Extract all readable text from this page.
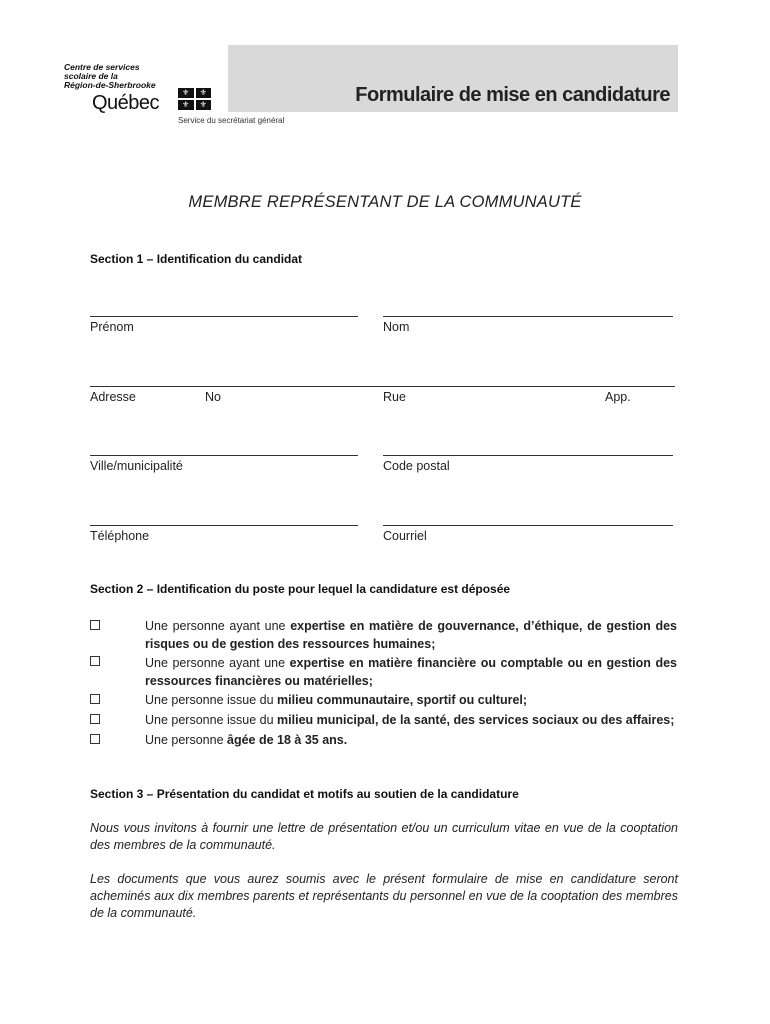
Formulaire de mise en candidature
Centre de services
scolaire de la
Région-de-Sherbrooke
Québec	⚜	⚜
⚜	⚜
Service du secrétariat général
MEMBRE REPRÉSENTANT DE LA COMMUNAUTÉ
Section 1 – Identification du candidat
Prénom	Nom
Adresse	No	Rue	App.
Ville/municipalité	Code postal
Téléphone	Courriel
Section 2 – Identification du poste pour lequel la candidature est déposée
Une personne ayant une expertise en matière de gouvernance, d’éthique, de gestion des risques ou de gestion des ressources humaines;
Une personne ayant une expertise en matière financière ou comptable ou en gestion des ressources financières ou matérielles;
Une personne issue du milieu communautaire, sportif ou culturel;
Une personne issue du milieu municipal, de la santé, des services sociaux ou des affaires;
Une personne âgée de 18 à 35 ans.
Section 3 – Présentation du candidat et motifs au soutien de la candidature
Nous vous invitons à fournir une lettre de présentation et/ou un curriculum vitae en vue de la cooptation des membres de la communauté.
Les documents que vous aurez soumis avec le présent formulaire de mise en candidature seront acheminés aux dix membres parents et représentants du personnel en vue de la cooptation des membres de la communauté.
